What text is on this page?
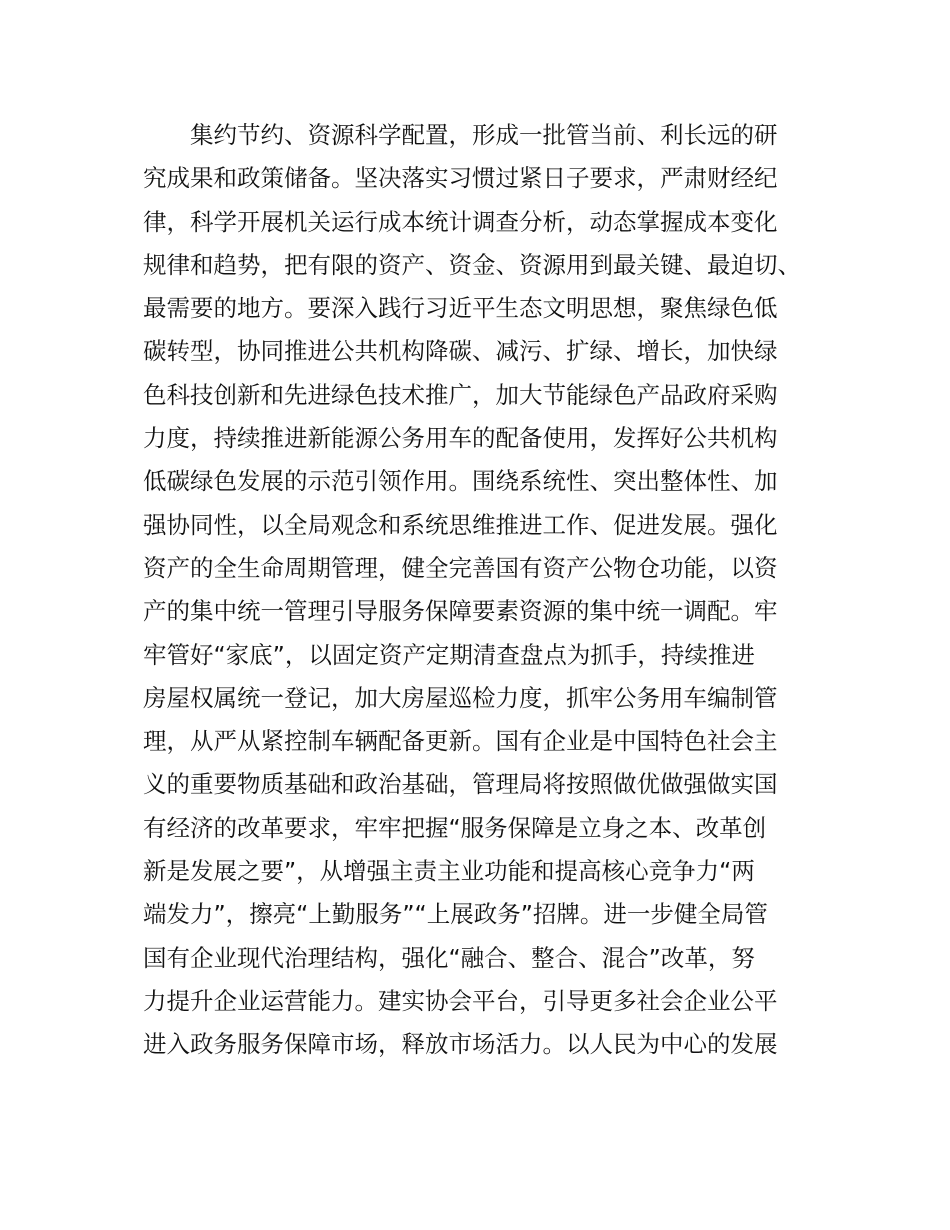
集约节约、资源科学配置，形成一批管当前、利长远的研
究成果和政策储备。坚决落实习惯过紧日子要求，严肃财经纪
律，科学开展机关运行成本统计调查分析，动态掌握成本变化
规律和趋势，把有限的资产、资金、资源用到最关键、最迫切、
最需要的地方。要深入践行习近平生态文明思想，聚焦绿色低
碳转型，协同推进公共机构降碳、减污、扩绿、增长，加快绿
色科技创新和先进绿色技术推广，加大节能绿色产品政府采购
力度，持续推进新能源公务用车的配备使用，发挥好公共机构
低碳绿色发展的示范引领作用。围绕系统性、突出整体性、加
强协同性，以全局观念和系统思维推进工作、促进发展。强化
资产的全生命周期管理，健全完善国有资产公物仓功能，以资
产的集中统一管理引导服务保障要素资源的集中统一调配。牢
牢管好“家底”，以固定资产定期清查盘点为抓手，持续推进
房屋权属统一登记，加大房屋巡检力度，抓牢公务用车编制管
理，从严从紧控制车辆配备更新。国有企业是中国特色社会主
义的重要物质基础和政治基础，管理局将按照做优做强做实国
有经济的改革要求，牢牢把握“服务保障是立身之本、改革创
新是发展之要”，从增强主责主业功能和提高核心竞争力“两
端发力”，擦亮“上勤服务”“上展政务”招牌。进一步健全局管
国有企业现代治理结构，强化“融合、整合、混合”改革，努
力提升企业运营能力。建实协会平台，引导更多社会企业公平
进入政务服务保障市场，释放市场活力。以人民为中心的发展
